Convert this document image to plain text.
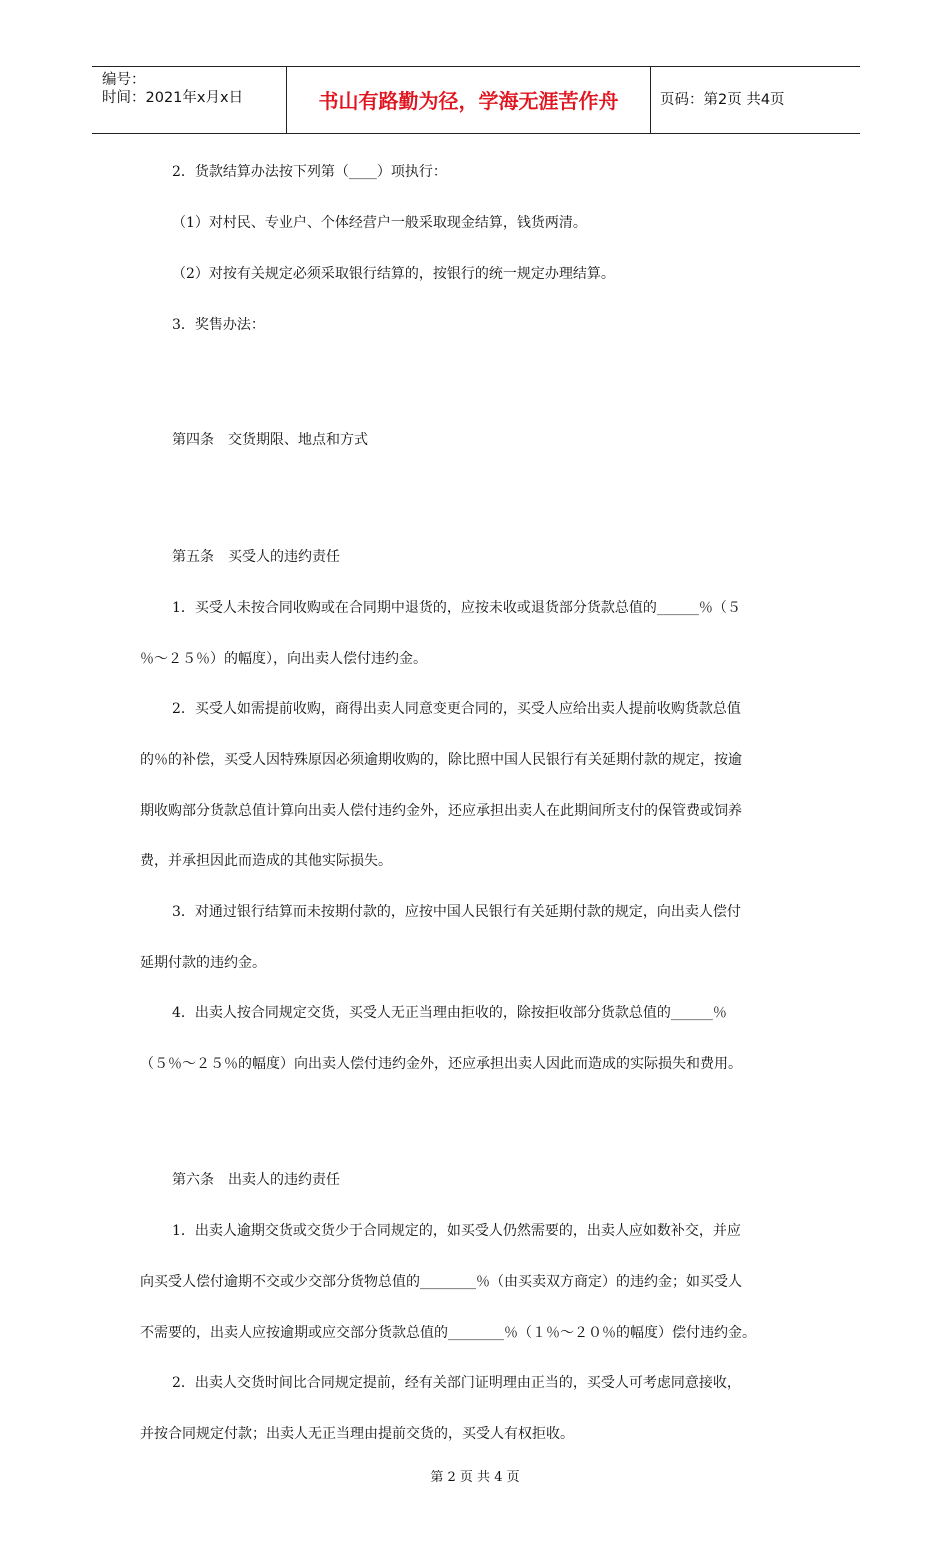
编号：
时间：2021年x月x日	书山有路勤为径，学海无涯苦作舟	页码：第2页 共4页
2．货款结算办法按下列第（____）项执行：
（1）对村民、专业户、个体经营户一般采取现金结算，钱货两清。
（2）对按有关规定必须采取银行结算的，按银行的统一规定办理结算。
3．奖售办法：
第四条　交货期限、地点和方式
第五条　买受人的违约责任
1．买受人未按合同收购或在合同期中退货的，应按未收或退货部分货款总值的______％（５
％～２５％）的幅度），向出卖人偿付违约金。
2．买受人如需提前收购，商得出卖人同意变更合同的，买受人应给出卖人提前收购货款总值
的％的补偿，买受人因特殊原因必须逾期收购的，除比照中国人民银行有关延期付款的规定，按逾
期收购部分货款总值计算向出卖人偿付违约金外，还应承担出卖人在此期间所支付的保管费或饲养
费，并承担因此而造成的其他实际损失。
3．对通过银行结算而未按期付款的，应按中国人民银行有关延期付款的规定，向出卖人偿付
延期付款的违约金。
4．出卖人按合同规定交货，买受人无正当理由拒收的，除按拒收部分货款总值的______％
（５％～２５％的幅度）向出卖人偿付违约金外，还应承担出卖人因此而造成的实际损失和费用。
第六条　出卖人的违约责任
1．出卖人逾期交货或交货少于合同规定的，如买受人仍然需要的，出卖人应如数补交，并应
向买受人偿付逾期不交或少交部分货物总值的________％（由买卖双方商定）的违约金；如买受人
不需要的，出卖人应按逾期或应交部分货款总值的________％（１％～２０％的幅度）偿付违约金。
2．出卖人交货时间比合同规定提前，经有关部门证明理由正当的，买受人可考虑同意接收，
并按合同规定付款；出卖人无正当理由提前交货的，买受人有权拒收。
第 2 页 共 4 页
